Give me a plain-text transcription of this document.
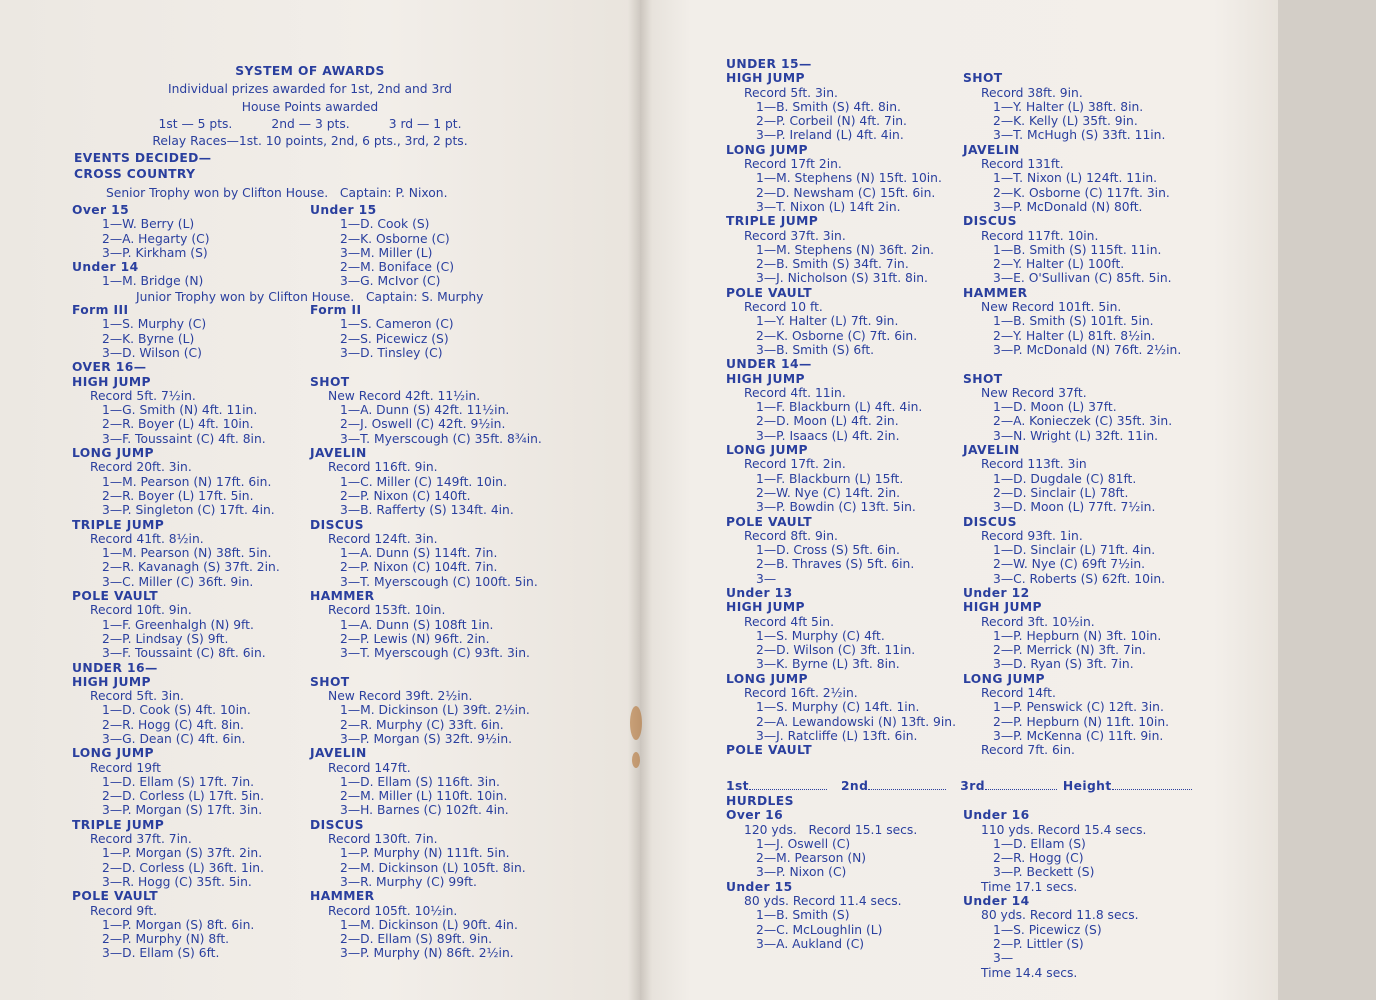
SYSTEM OF AWARDS
Individual prizes awarded for 1st, 2nd and 3rd
House Points awarded
1st — 5 pts.          2nd — 3 pts.          3 rd — 1 pt.
Relay Races—1st. 10 points, 2nd, 6 pts., 3rd, 2 pts.
EVENTS DECIDED—
CROSS COUNTRY
Senior Trophy won by Clifton House.   Captain: P. Nixon.
Junior Trophy won by Clifton House.   Captain: S. Murphy
Over 15
1—W. Berry (L)
2—A. Hegarty (C)
3—P. Kirkham (S)
Under 14
1—M. Bridge (N)
Form III
1—S. Murphy (C)
2—K. Byrne (L)
3—D. Wilson (C)
OVER 16—
HIGH JUMP
Record 5ft. 7½in.
1—G. Smith (N) 4ft. 11in.
2—R. Boyer (L) 4ft. 10in.
3—F. Toussaint (C) 4ft. 8in.
LONG JUMP
Record 20ft. 3in.
1—M. Pearson (N) 17ft. 6in.
2—R. Boyer (L) 17ft. 5in.
3—P. Singleton (C) 17ft. 4in.
TRIPLE JUMP
Record 41ft. 8½in.
1—M. Pearson (N) 38ft. 5in.
2—R. Kavanagh (S) 37ft. 2in.
3—C. Miller (C) 36ft. 9in.
POLE VAULT
Record 10ft. 9in.
1—F. Greenhalgh (N) 9ft.
2—P. Lindsay (S) 9ft.
3—F. Toussaint (C) 8ft. 6in.
UNDER 16—
HIGH JUMP
Record 5ft. 3in.
1—D. Cook (S) 4ft. 10in.
2—R. Hogg (C) 4ft. 8in.
3—G. Dean (C) 4ft. 6in.
LONG JUMP
Record 19ft
1—D. Ellam (S) 17ft. 7in.
2—D. Corless (L) 17ft. 5in.
3—P. Morgan (S) 17ft. 3in.
TRIPLE JUMP
Record 37ft. 7in.
1—P. Morgan (S) 37ft. 2in.
2—D. Corless (L) 36ft. 1in.
3—R. Hogg (C) 35ft. 5in.
POLE VAULT
Record 9ft.
1—P. Morgan (S) 8ft. 6in.
2—P. Murphy (N) 8ft.
3—D. Ellam (S) 6ft.
Under 15
1—D. Cook (S)
2—K. Osborne (C)
3—M. Miller (L)
2—M. Boniface (C)
3—G. McIvor (C)
Form II
1—S. Cameron (C)
2—S. Picewicz (S)
3—D. Tinsley (C)
SHOT
New Record 42ft. 11½in.
1—A. Dunn (S) 42ft. 11½in.
2—J. Oswell (C) 42ft. 9½in.
3—T. Myerscough (C) 35ft. 8¾in.
JAVELIN
Record 116ft. 9in.
1—C. Miller (C) 149ft. 10in.
2—P. Nixon (C) 140ft.
3—B. Rafferty (S) 134ft. 4in.
DISCUS
Record 124ft. 3in.
1—A. Dunn (S) 114ft. 7in.
2—P. Nixon (C) 104ft. 7in.
3—T. Myerscough (C) 100ft. 5in.
HAMMER
Record 153ft. 10in.
1—A. Dunn (S) 108ft 1in.
2—P. Lewis (N) 96ft. 2in.
3—T. Myerscough (C) 93ft. 3in.
SHOT
New Record 39ft. 2½in.
1—M. Dickinson (L) 39ft. 2½in.
2—R. Murphy (C) 33ft. 6in.
3—P. Morgan (S) 32ft. 9½in.
JAVELIN
Record 147ft.
1—D. Ellam (S) 116ft. 3in.
2—M. Miller (L) 110ft. 10in.
3—H. Barnes (C) 102ft. 4in.
DISCUS
Record 130ft. 7in.
1—P. Murphy (N) 111ft. 5in.
2—M. Dickinson (L) 105ft. 8in.
3—R. Murphy (C) 99ft.
HAMMER
Record 105ft. 10½in.
1—M. Dickinson (L) 90ft. 4in.
2—D. Ellam (S) 89ft. 9in.
3—P. Murphy (N) 86ft. 2½in.
UNDER 15—
HIGH JUMP
Record 5ft. 3in.
1—B. Smith (S) 4ft. 8in.
2—P. Corbeil (N) 4ft. 7in.
3—P. Ireland (L) 4ft. 4in.
LONG JUMP
Record 17ft 2in.
1—M. Stephens (N) 15ft. 10in.
2—D. Newsham (C) 15ft. 6in.
3—T. Nixon (L) 14ft 2in.
TRIPLE JUMP
Record 37ft. 3in.
1—M. Stephens (N) 36ft. 2in.
2—B. Smith (S) 34ft. 7in.
3—J. Nicholson (S) 31ft. 8in.
POLE VAULT
Record 10 ft.
1—Y. Halter (L) 7ft. 9in.
2—K. Osborne (C) 7ft. 6in.
3—B. Smith (S) 6ft.
UNDER 14—
HIGH JUMP
Record 4ft. 11in.
1—F. Blackburn (L) 4ft. 4in.
2—D. Moon (L) 4ft. 2in.
3—P. Isaacs (L) 4ft. 2in.
LONG JUMP
Record 17ft. 2in.
1—F. Blackburn (L) 15ft.
2—W. Nye (C) 14ft. 2in.
3—P. Bowdin (C) 13ft. 5in.
POLE VAULT
Record 8ft. 9in.
1—D. Cross (S) 5ft. 6in.
2—B. Thraves (S) 5ft. 6in.
3—
Under 13
HIGH JUMP
Record 4ft 5in.
1—S. Murphy (C) 4ft.
2—D. Wilson (C) 3ft. 11in.
3—K. Byrne (L) 3ft. 8in.
LONG JUMP
Record 16ft. 2½in.
1—S. Murphy (C) 14ft. 1in.
2—A. Lewandowski (N) 13ft. 9in.
3—J. Ratcliffe (L) 13ft. 6in.
POLE VAULT
SHOT
Record 38ft. 9in.
1—Y. Halter (L) 38ft. 8in.
2—K. Kelly (L) 35ft. 9in.
3—T. McHugh (S) 33ft. 11in.
JAVELIN
Record 131ft.
1—T. Nixon (L) 124ft. 11in.
2—K. Osborne (C) 117ft. 3in.
3—P. McDonald (N) 80ft.
DISCUS
Record 117ft. 10in.
1—B. Smith (S) 115ft. 11in.
2—Y. Halter (L) 100ft.
3—E. O'Sullivan (C) 85ft. 5in.
HAMMER
New Record 101ft. 5in.
1—B. Smith (S) 101ft. 5in.
2—Y. Halter (L) 81ft. 8½in.
3—P. McDonald (N) 76ft. 2½in.
SHOT
New Record 37ft.
1—D. Moon (L) 37ft.
2—A. Konieczek (C) 35ft. 3in.
3—N. Wright (L) 32ft. 11in.
JAVELIN
Record 113ft. 3in
1—D. Dugdale (C) 81ft.
2—D. Sinclair (L) 78ft.
3—D. Moon (L) 77ft. 7½in.
DISCUS
Record 93ft. 1in.
1—D. Sinclair (L) 71ft. 4in.
2—W. Nye (C) 69ft 7½in.
3—C. Roberts (S) 62ft. 10in.
Under 12
HIGH JUMP
Record 3ft. 10½in.
1—P. Hepburn (N) 3ft. 10in.
2—P. Merrick (N) 3ft. 7in.
3—D. Ryan (S) 3ft. 7in.
LONG JUMP
Record 14ft.
1—P. Penswick (C) 12ft. 3in.
2—P. Hepburn (N) 11ft. 10in.
3—P. McKenna (C) 11ft. 9in.
Record 7ft. 6in.
1st	2nd	3rd	Height
HURDLES
Over 16
120 yds.   Record 15.1 secs.
1—J. Oswell (C)
2—M. Pearson (N)
3—P. Nixon (C)
Under 15
80 yds. Record 11.4 secs.
1—B. Smith (S)
2—C. McLoughlin (L)
3—A. Aukland (C)
Under 16
110 yds. Record 15.4 secs.
1—D. Ellam (S)
2—R. Hogg (C)
3—P. Beckett (S)
Time 17.1 secs.
Under 14
80 yds. Record 11.8 secs.
1—S. Picewicz (S)
2—P. Littler (S)
3—
Time 14.4 secs.
